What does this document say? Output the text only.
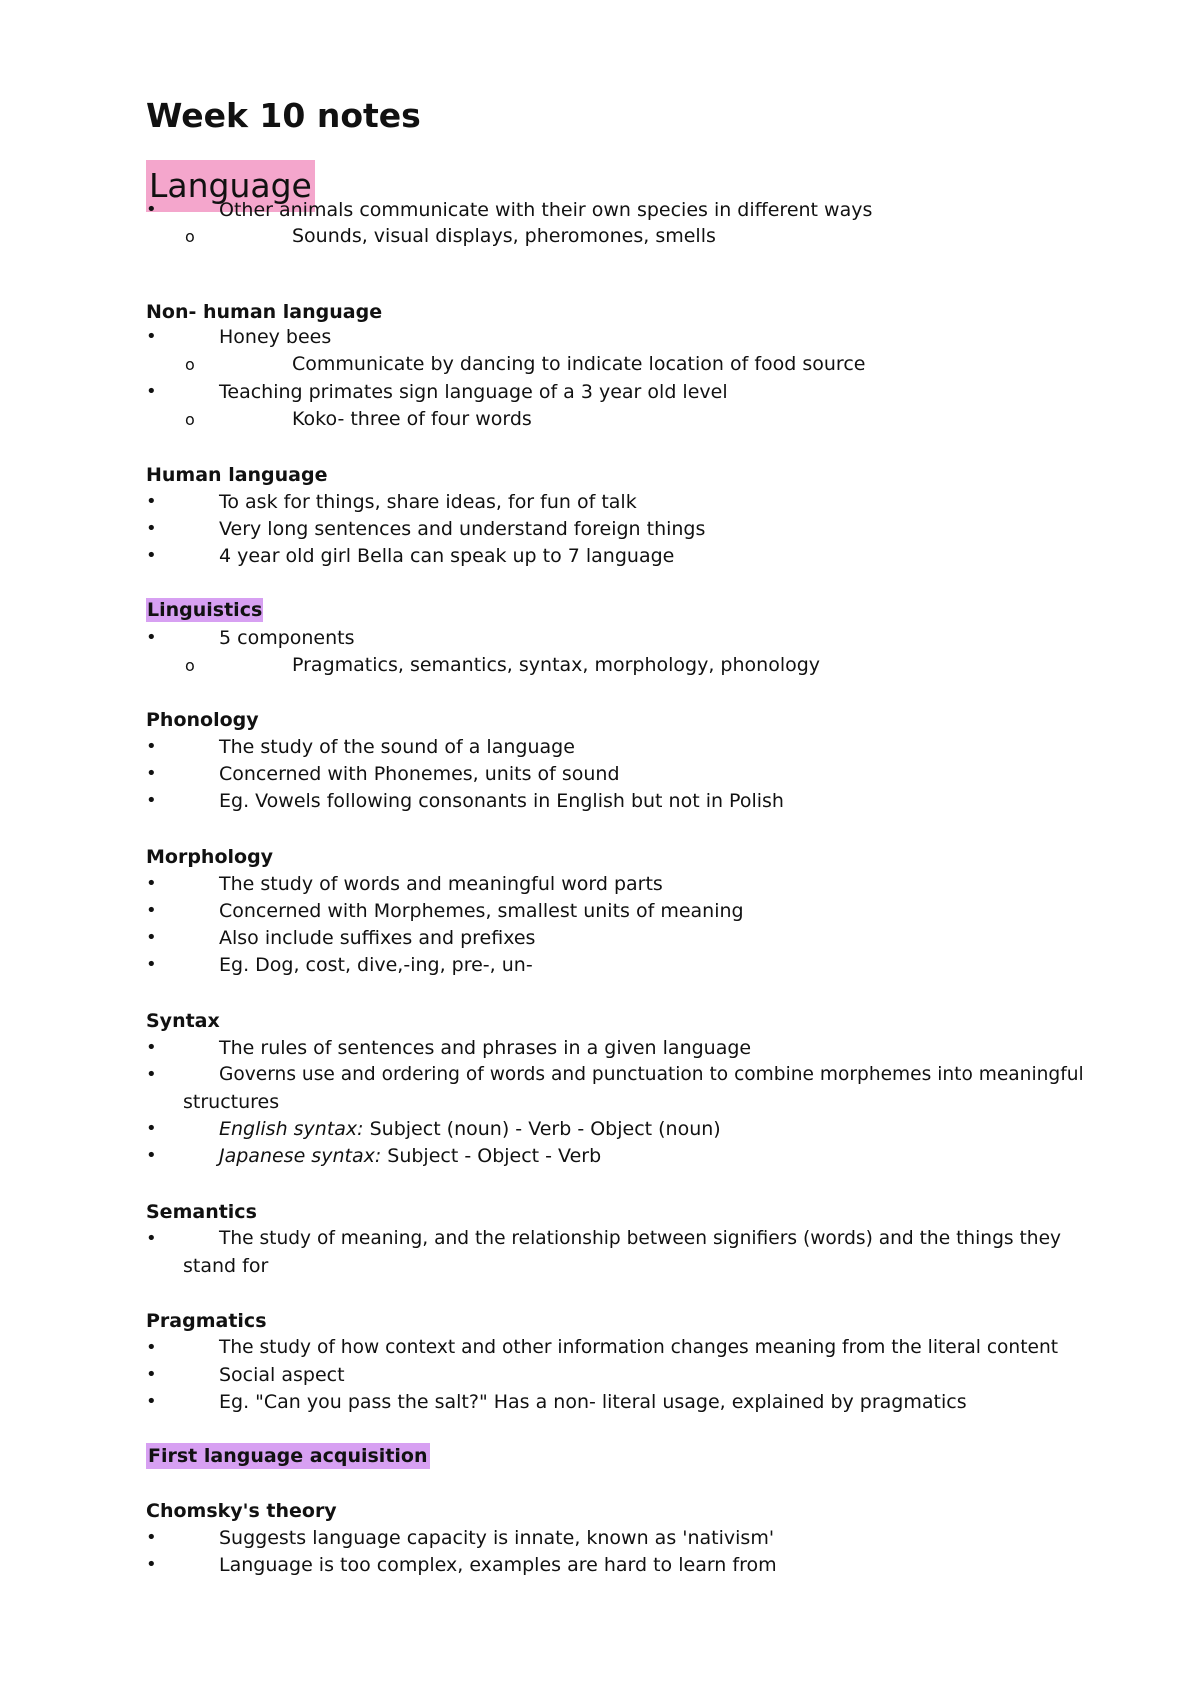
Week 10 notes
Language
•	Other animals communicate with their own species in different ways
o	Sounds, visual displays, pheromones, smells
Non- human language
•	Honey bees
o	Communicate by dancing to indicate location of food source
•	Teaching primates sign language of a 3 year old level
o	Koko- three of four words
Human language
•	To ask for things, share ideas, for fun of talk
•	Very long sentences and understand foreign things
•	4 year old girl Bella can speak up to 7 language
Linguistics
•	5 components
o	Pragmatics, semantics, syntax, morphology, phonology
Phonology
•	The study of the sound of a language
•	Concerned with Phonemes, units of sound
•	Eg. Vowels following consonants in English but not in Polish
Morphology
•	The study of words and meaningful word parts
•	Concerned with Morphemes, smallest units of meaning
•	Also include suffixes and prefixes
•	Eg. Dog, cost, dive,-ing, pre-, un-
Syntax
•	The rules of sentences and phrases in a given language
•	Governs use and ordering of words and punctuation to combine morphemes into meaningful
structures
•	English syntax: Subject (noun) - Verb - Object (noun)
•	Japanese syntax: Subject - Object - Verb
Semantics
•	The study of meaning, and the relationship between signifiers (words) and the things they
stand for
Pragmatics
•	The study of how context and other information changes meaning from the literal content
•	Social aspect
•	Eg. "Can you pass the salt?" Has a non- literal usage, explained by pragmatics
First language acquisition
Chomsky's theory
•	Suggests language capacity is innate, known as 'nativism'
•	Language is too complex, examples are hard to learn from
